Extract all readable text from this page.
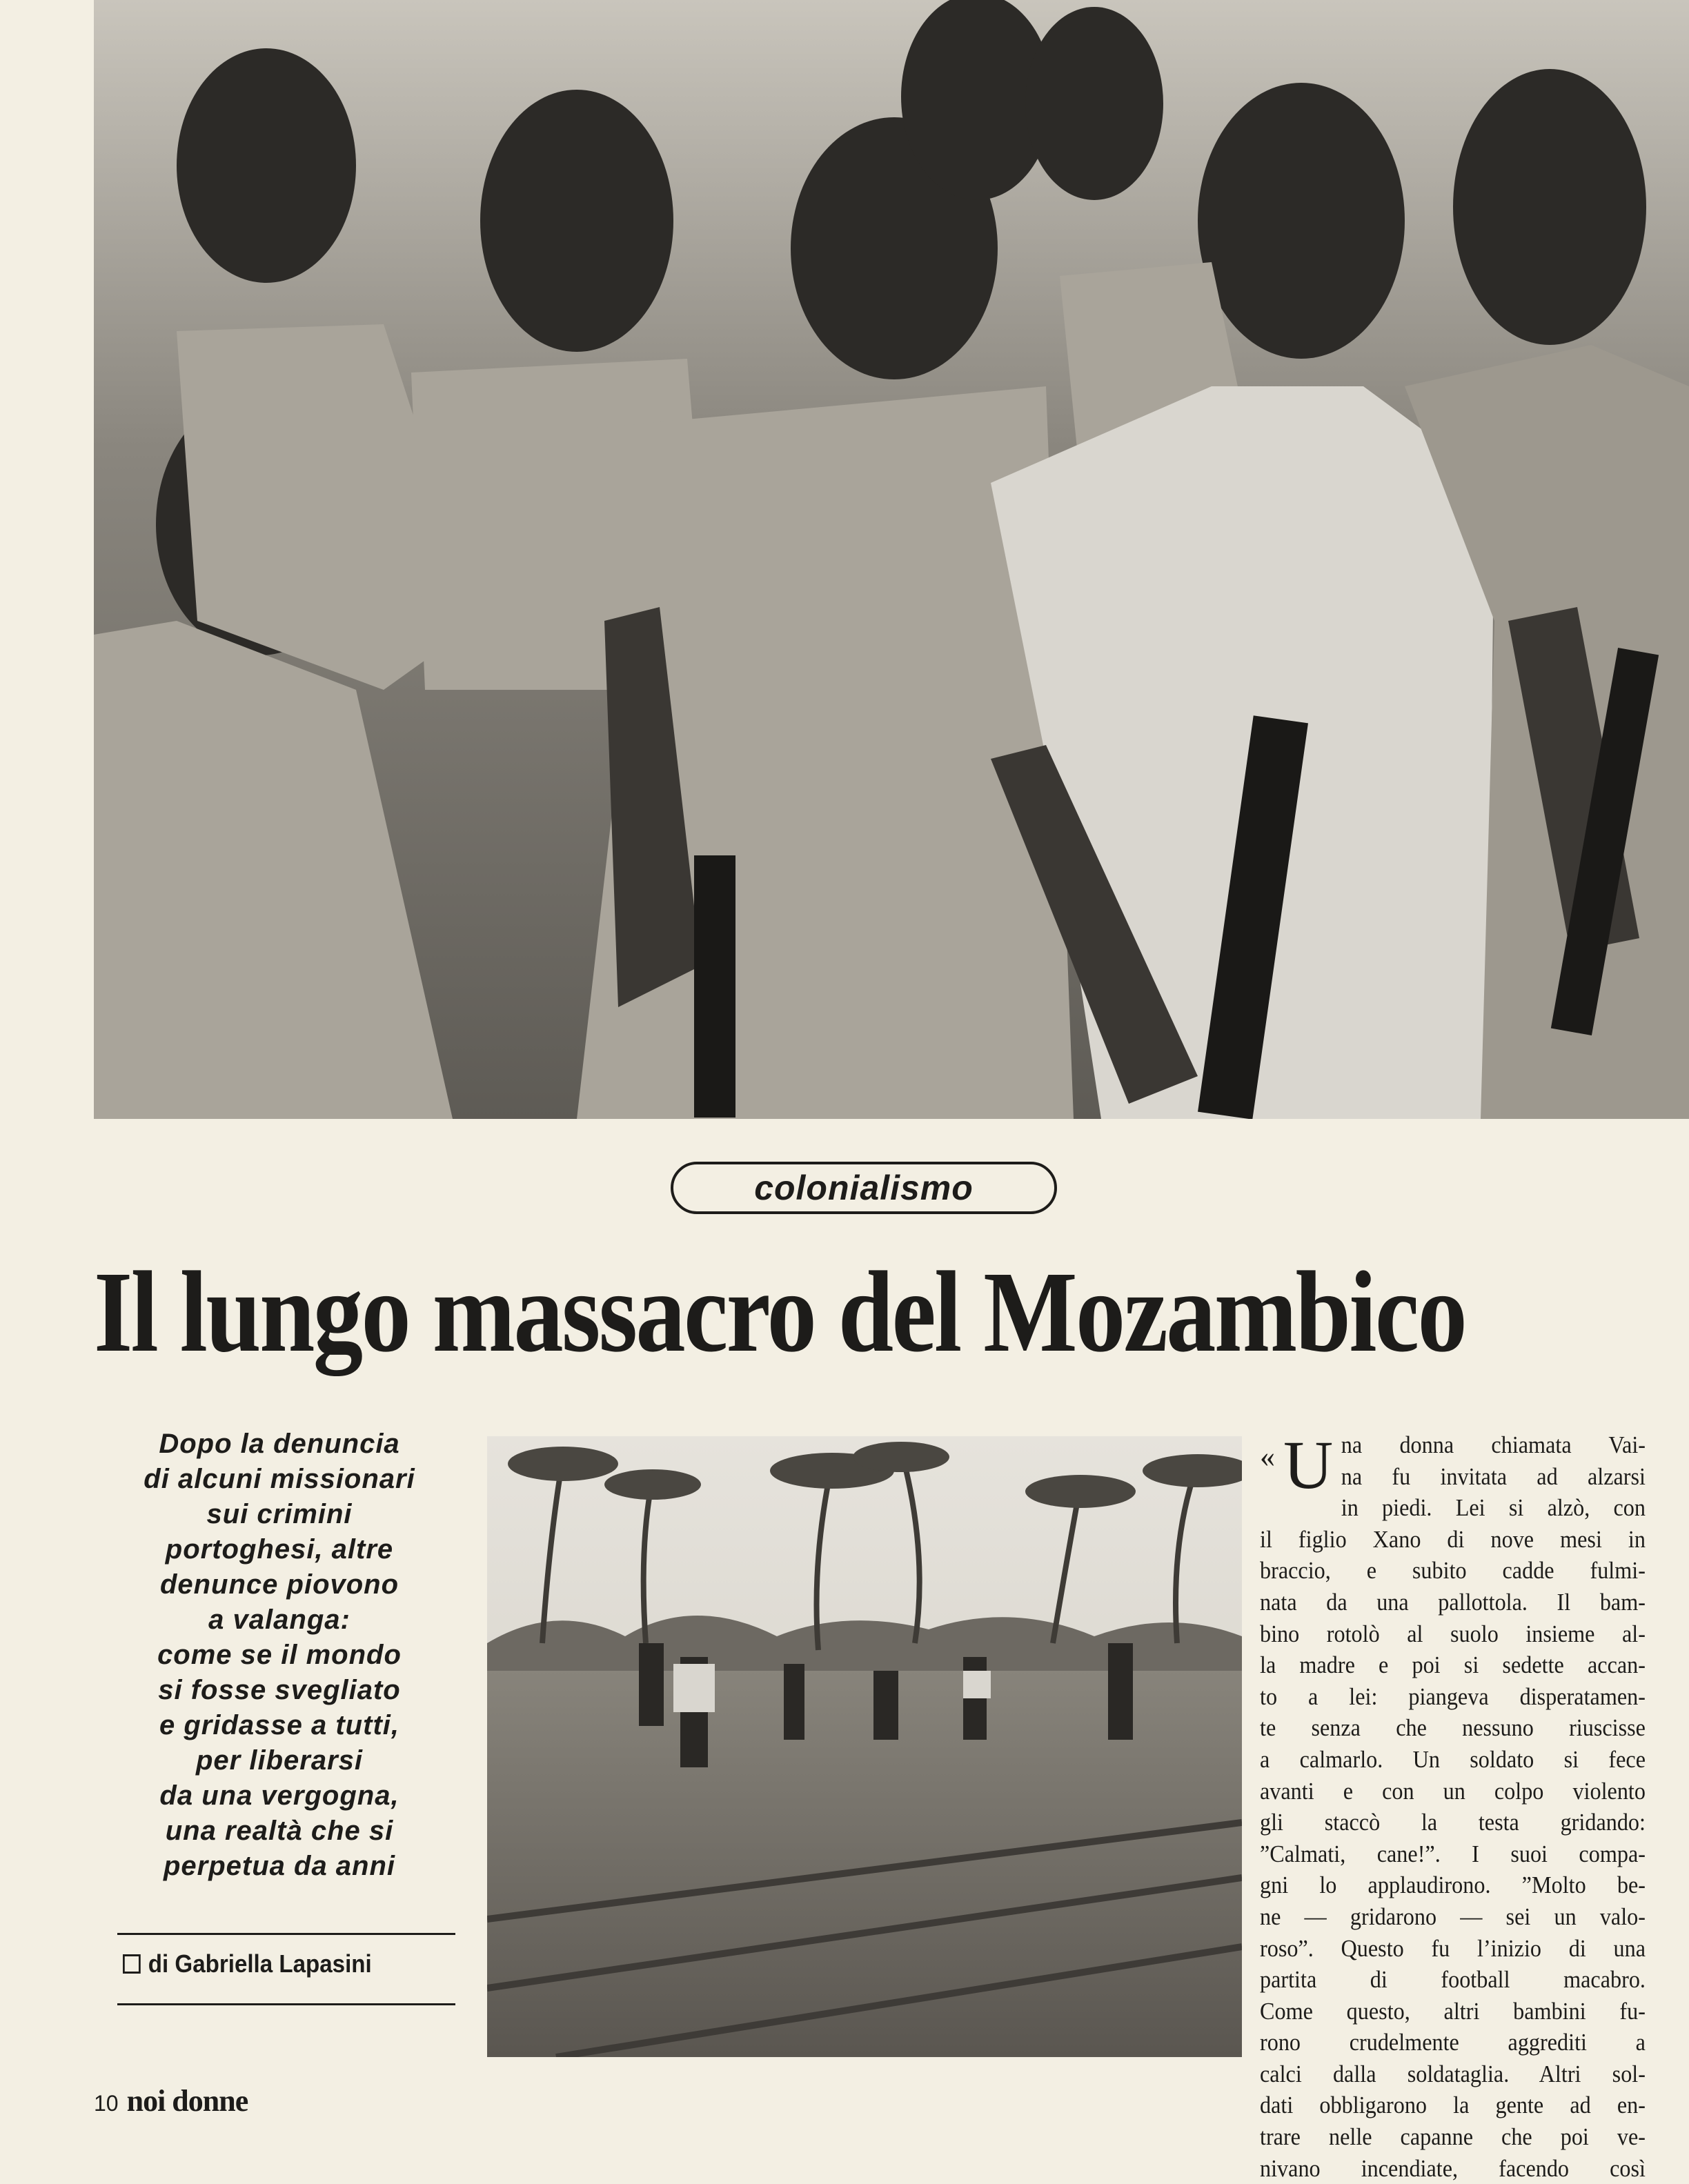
colonialismo
Il lungo massacro del Mozambico

Dopo la denuncia
di alcuni missionari
sui crimini
portoghesi, altre
denunce piovono
a valanga:
come se il mondo
si fosse svegliato
e gridasse a tutti,
per liberarsi
da una vergogna,
una realtà che si
perpetua da anni

di Gabriella Lapasini
« U na donna chiamata Vai-
na fu invitata ad alzarsi
in piedi. Lei si alzò, con
il figlio Xano di nove mesi in
braccio, e subito cadde fulmi-
nata da una pallottola. Il bam-
bino rotolò al suolo insieme al-
la madre e poi si sedette accan-
to a lei: piangeva disperatamen-
te senza che nessuno riuscisse
a calmarlo. Un soldato si fece
avanti e con un colpo violento
gli staccò la testa gridando:
”Calmati, cane!”. I suoi compa-
gni lo applaudirono. ”Molto be-
ne — gridarono — sei un valo-
roso”. Questo fu l’inizio di una
partita di football macabro.
Come questo, altri bambini fu-
rono crudelmente aggrediti a
calci dalla soldataglia. Altri sol-
dati obbligarono la gente ad en-
trare nelle capanne che poi ve-
nivano incendiate, facendo così
10 noi donne
